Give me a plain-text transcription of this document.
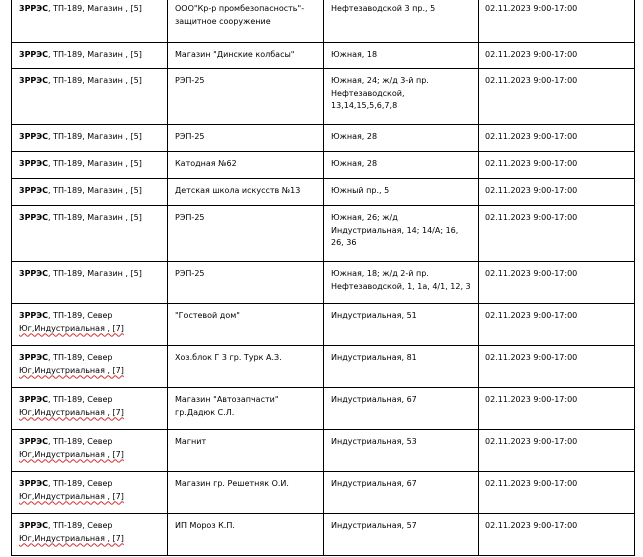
3РРЭС, ТП-189, Магазин , [5]	ООО"Кр-р промбезопасность"-
защитное сооружение	Нефтезаводской 3 пр., 5	02.11.2023 9:00-17:00
3РРЭС, ТП-189, Магазин , [5]	Магазин "Динские колбасы"	Южная, 18	02.11.2023 9:00-17:00
3РРЭС, ТП-189, Магазин , [5]	РЭП-25	Южная, 24; ж/д 3-й пр.
Нефтезаводской,
13,14,15,5,6,7,8	02.11.2023 9:00-17:00
3РРЭС, ТП-189, Магазин , [5]	РЭП-25	Южная, 28	02.11.2023 9:00-17:00
3РРЭС, ТП-189, Магазин , [5]	Катодная №62	Южная, 28	02.11.2023 9:00-17:00
3РРЭС, ТП-189, Магазин , [5]	Детская школа искусств №13	Южный пр., 5	02.11.2023 9:00-17:00
3РРЭС, ТП-189, Магазин , [5]	РЭП-25	Южная, 26; ж/д
Индустриальная, 14; 14/А; 16,
26, 36	02.11.2023 9:00-17:00
3РРЭС, ТП-189, Магазин , [5]	РЭП-25	Южная, 18; ж/д 2-й пр.
Нефтезаводской, 1, 1а, 4/1, 12, 3	02.11.2023 9:00-17:00
3РРЭС, ТП-189, Север
Юг,Индустриальная , [7]	"Гостевой дом"	Индустриальная, 51	02.11.2023 9:00-17:00
3РРЭС, ТП-189, Север
Юг,Индустриальная , [7]	Хоз.блок Г 3 гр. Турк А.З.	Индустриальная, 81	02.11.2023 9:00-17:00
3РРЭС, ТП-189, Север
Юг,Индустриальная , [7]	Магазин "Автозапчасти"
гр.Дадюк С.Л.	Индустриальная, 67	02.11.2023 9:00-17:00
3РРЭС, ТП-189, Север
Юг,Индустриальная , [7]	Магнит	Индустриальная, 53	02.11.2023 9:00-17:00
3РРЭС, ТП-189, Север
Юг,Индустриальная , [7]	Магазин гр. Решетняк О.И.	Индустриальная, 67	02.11.2023 9:00-17:00
3РРЭС, ТП-189, Север
Юг,Индустриальная , [7]	ИП Мороз К.П.	Индустриальная, 57	02.11.2023 9:00-17:00
